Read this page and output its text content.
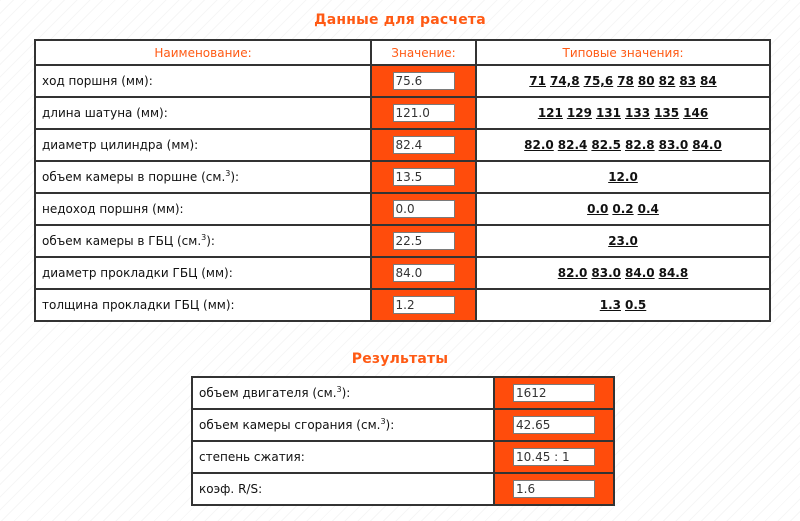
Данные для расчета
Наименование:	Значение:	Типовые значения:
ход поршня (мм):	75.6	71 74,8 75,6 78 80 82 83 84
длина шатуна (мм):	121.0	121 129 131 133 135 146
диаметр цилиндра (мм):	82.4	82.0 82.4 82.5 82.8 83.0 84.0
объем камеры в поршне (см.$^3$):	13.5	12.0
недоход поршня (мм):	0.0	0.0 0.2 0.4
объем камеры в ГБЦ (см.$^3$):	22.5	23.0
диаметр прокладки ГБЦ (мм):	84.0	82.0 83.0 84.0 84.8
толщина прокладки ГБЦ (мм):	1.2	1.3 0.5
Результаты
объем двигателя (см.$^3$):	1612
объем камеры сгорания (см.$^3$):	42.65
степень сжатия:	10.45 : 1
коэф. R/S:	1.6
